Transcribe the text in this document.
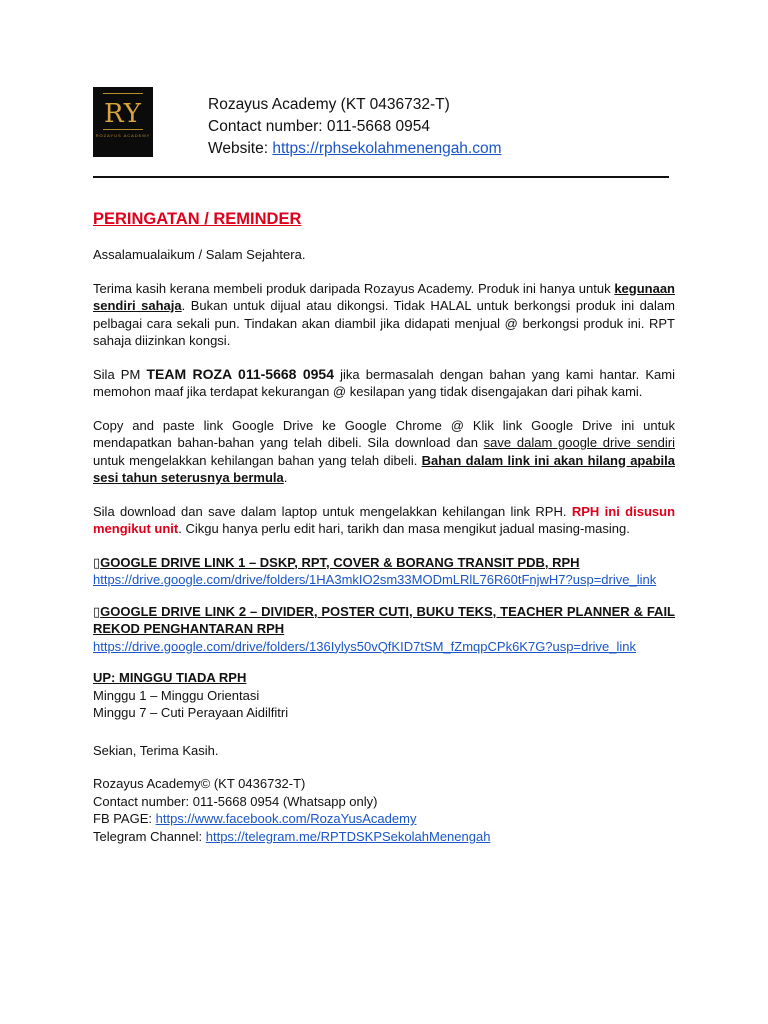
RY
ROZAYUS ACADEMY
Rozayus Academy (KT 0436732-T)
Contact number: 011-5668 0954
Website: https://rphsekolahmenengah.com
PERINGATAN / REMINDER

Assalamualaikum / Salam Sejahtera.

Terima kasih kerana membeli produk daripada Rozayus Academy. Produk ini hanya untuk kegunaan sendiri sahaja. Bukan untuk dijual atau dikongsi. Tidak HALAL untuk berkongsi produk ini dalam pelbagai cara sekali pun. Tindakan akan diambil jika didapati menjual @ berkongsi produk ini. RPT sahaja diizinkan kongsi.

Sila PM TEAM ROZA 011-5668 0954 jika bermasalah dengan bahan yang kami hantar. Kami memohon maaf jika terdapat kekurangan @ kesilapan yang tidak disengajakan dari pihak kami.

Copy and paste link Google Drive ke Google Chrome @ Klik link Google Drive ini untuk mendapatkan bahan-bahan yang telah dibeli. Sila download dan save dalam google drive sendiri untuk mengelakkan kehilangan bahan yang telah dibeli. Bahan dalam link ini akan hilang apabila sesi tahun seterusnya bermula.

Sila download dan save dalam laptop untuk mengelakkan kehilangan link RPH. RPH ini disusun mengikut unit. Cikgu hanya perlu edit hari, tarikh dan masa mengikut jadual masing-masing.

▯GOOGLE DRIVE LINK 1 – DSKP, RPT, COVER & BORANG TRANSIT PDB, RPH
https://drive.google.com/drive/folders/1HA3mkIO2sm33MODmLRlL76R60tFnjwH7?usp=drive_link
▯GOOGLE DRIVE LINK 2 – DIVIDER, POSTER CUTI, BUKU TEKS, TEACHER PLANNER & FAIL REKOD PENGHANTARAN RPH
https://drive.google.com/drive/folders/136Iylys50vQfKID7tSM_fZmqpCPk6K7G?usp=drive_link
UP: MINGGU TIADA RPH
Minggu 1 – Minggu Orientasi
Minggu 7 – Cuti Perayaan Aidilfitri

Sekian, Terima Kasih.

Rozayus Academy© (KT 0436732-T)
Contact number: 011-5668 0954 (Whatsapp only)
FB PAGE: https://www.facebook.com/RozaYusAcademy
Telegram Channel: https://telegram.me/RPTDSKPSekolahMenengah
